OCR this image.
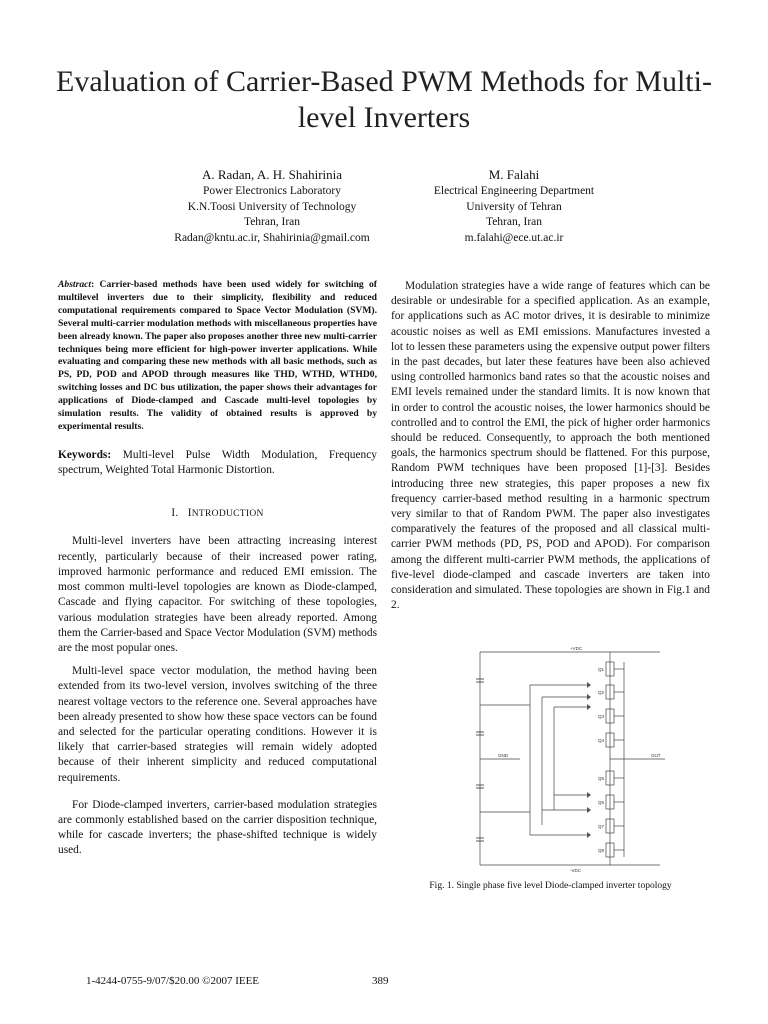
Evaluation of Carrier-Based PWM Methods for Multi-level Inverters
A. Radan, A. H. Shahirinia
Power Electronics Laboratory
K.N.Toosi University of Technology
Tehran, Iran
Radan@kntu.ac.ir, Shahirinia@gmail.com
M. Falahi
Electrical Engineering Department
University of Tehran
Tehran, Iran
m.falahi@ece.ut.ac.ir

Abstract: Carrier-based methods have been used widely for switching of multilevel inverters due to their simplicity, flexibility and reduced computational requirements compared to Space Vector Modulation (SVM). Several multi-carrier modulation methods with miscellaneous properties have been already known. The paper also proposes another three new multi-carrier techniques being more efficient for high-power inverter applications. While evaluating and comparing these new methods with all basic methods, such as PS, PD, POD and APOD through measures like THD, WTHD, WTHD0, switching losses and DC bus utilization, the paper shows their advantages for applications of Diode-clamped and Cascade multi-level topologies by simulation results. The validity of obtained results is approved by experimental results.

Keywords: Multi-level Pulse Width Modulation, Frequency spectrum, Weighted Total Harmonic Distortion.

I. INTRODUCTION

Multi-level inverters have been attracting increasing interest recently, particularly because of their increased power rating, improved harmonic performance and reduced EMI emission. The most common multi-level topologies are known as Diode-clamped, Cascade and flying capacitor. For switching of these topologies, various modulation strategies have been already reported. Among them the Carrier-based and Space Vector Modulation (SVM) methods are the most popular ones.

Multi-level space vector modulation, the method having been extended from its two-level version, involves switching of the three nearest voltage vectors to the reference one. Several approaches have been already presented to show how these space vectors can be found and selected for the particular operating conditions. However it is likely that carrier-based strategies will remain widely adopted because of their inherent simplicity and reduced computational requirements.

For Diode-clamped inverters, carrier-based modulation strategies are commonly established based on the carrier disposition technique, while for cascade inverters; the phase-shifted technique is widely used.

Modulation strategies have a wide range of features which can be desirable or undesirable for a specified application. As an example, for applications such as AC motor drives, it is desirable to minimize acoustic noises as well as EMI emissions. Manufactures invested a lot to lessen these parameters using the expensive output power filters in the past decades, but later these features have been also achieved using controlled harmonics band rates so that the acoustic noises and EMI levels remained under the standard limits. It is now known that in order to control the acoustic noises, the lower harmonics should be controlled and to control the EMI, the pick of higher order harmonics should be reduced. Consequently, to approach the both mentioned goals, the harmonics spectrum should be flattened. For this purpose, Random PWM techniques have been proposed [1]-[3]. Besides introducing three new strategies, this paper proposes a new fix frequency carrier-based method resulting in a harmonic spectrum very similar to that of Random PWM. The paper also investigates comparatively the features of the proposed and all classical multi-carrier PWM methods (PD, PS, POD and APOD). For comparison among the different multi-carrier PWM methods, the applications of five-level diode-clamped and cascade inverters are taken into consideration and simulated. These topologies are shown in Fig.1 and 2.

+VDC
-VDC
GND	OUT
Q1
Q2
Q3
Q4
Q5
Q6
Q7
Q8
Fig. 1. Single phase five level Diode-clamped inverter topology
1-4244-0755-9/07/$20.00 ©2007 IEEE	389
